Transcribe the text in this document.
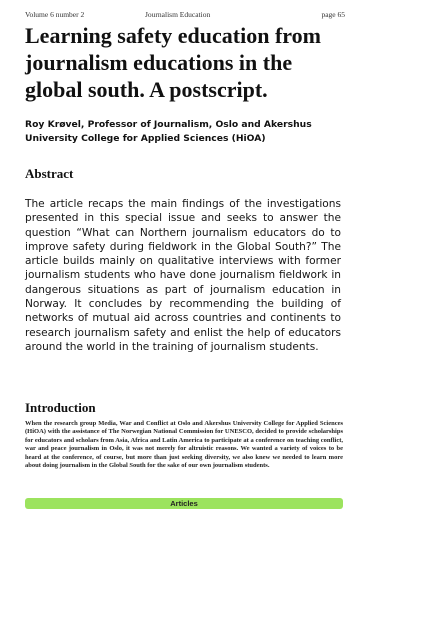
Volume 6 number 2	Journalism Education	page 65
Learning safety education from journalism educations in the global south. A postscript.

Roy Krøvel, Professor of Journalism, Oslo and Akershus University College for Applied Sciences (HiOA)

Abstract

The article recaps the main findings of the investigations presented in this special issue and seeks to answer the question “What can Northern journalism educators do to improve safety during fieldwork in the Global South?” The article builds mainly on qualitative interviews with former journalism students who have done journalism fieldwork in dangerous situations as part of journalism education in Norway. It concludes by recommending the building of networks of mutual aid across countries and continents to research journalism safety and enlist the help of educators around the world in the training of journalism students.

Introduction

When the research group Media, War and Conflict at Oslo and Akershus University College for Applied Sciences (HiOA) with the assistance of The Norwegian National Commission for UNESCO, decided to provide scholarships for educators and scholars from Asia, Africa and Latin America to participate at a conference on teaching conflict, war and peace journalism in Oslo, it was not merely for altruistic reasons. We wanted a variety of voices to be heard at the conference, of course, but more than just seeking diversity, we also knew we needed to learn more about doing journalism in the Global South for the sake of our own journalism students.

Articles
